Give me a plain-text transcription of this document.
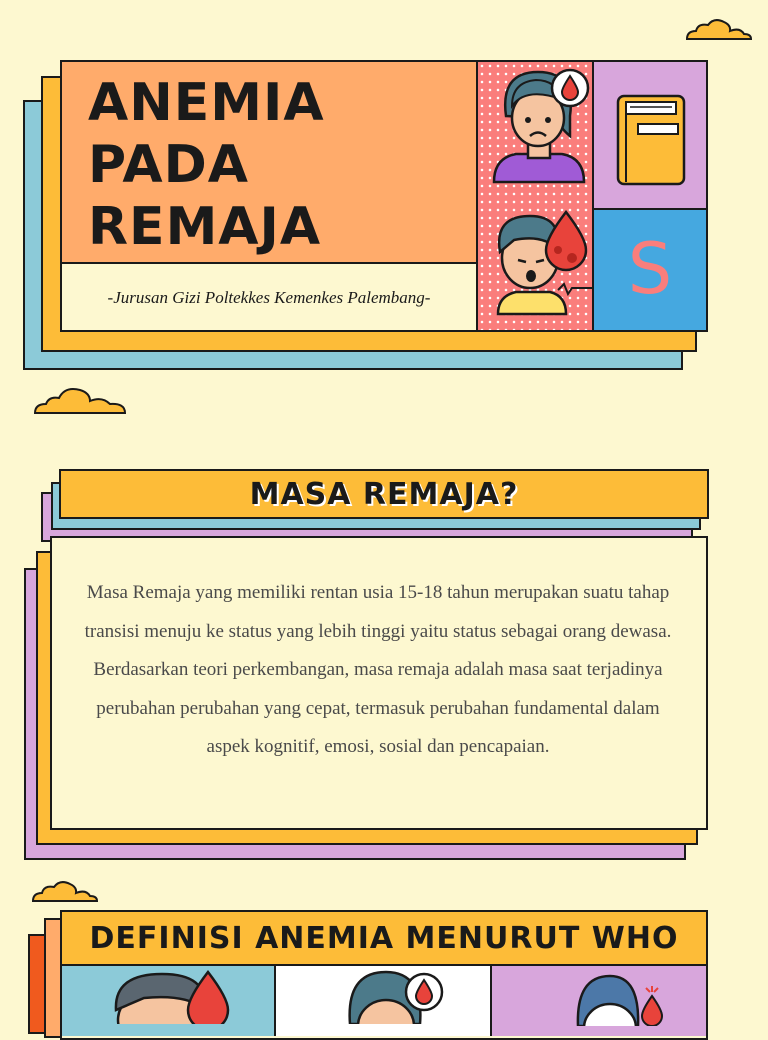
ANEMIA
PADA
REMAJA
-Jurusan Gizi Poltekkes Kemenkes Palembang-	S
MASA REMAJA?
Masa Remaja yang memiliki rentan usia 15-18 tahun merupakan suatu tahap transisi menuju ke status yang lebih tinggi yaitu status sebagai orang dewasa. Berdasarkan teori perkembangan, masa remaja adalah masa saat terjadinya perubahan perubahan yang cepat, termasuk perubahan fundamental dalam aspek kognitif, emosi, sosial dan pencapaian.
DEFINISI ANEMIA MENURUT WHO
